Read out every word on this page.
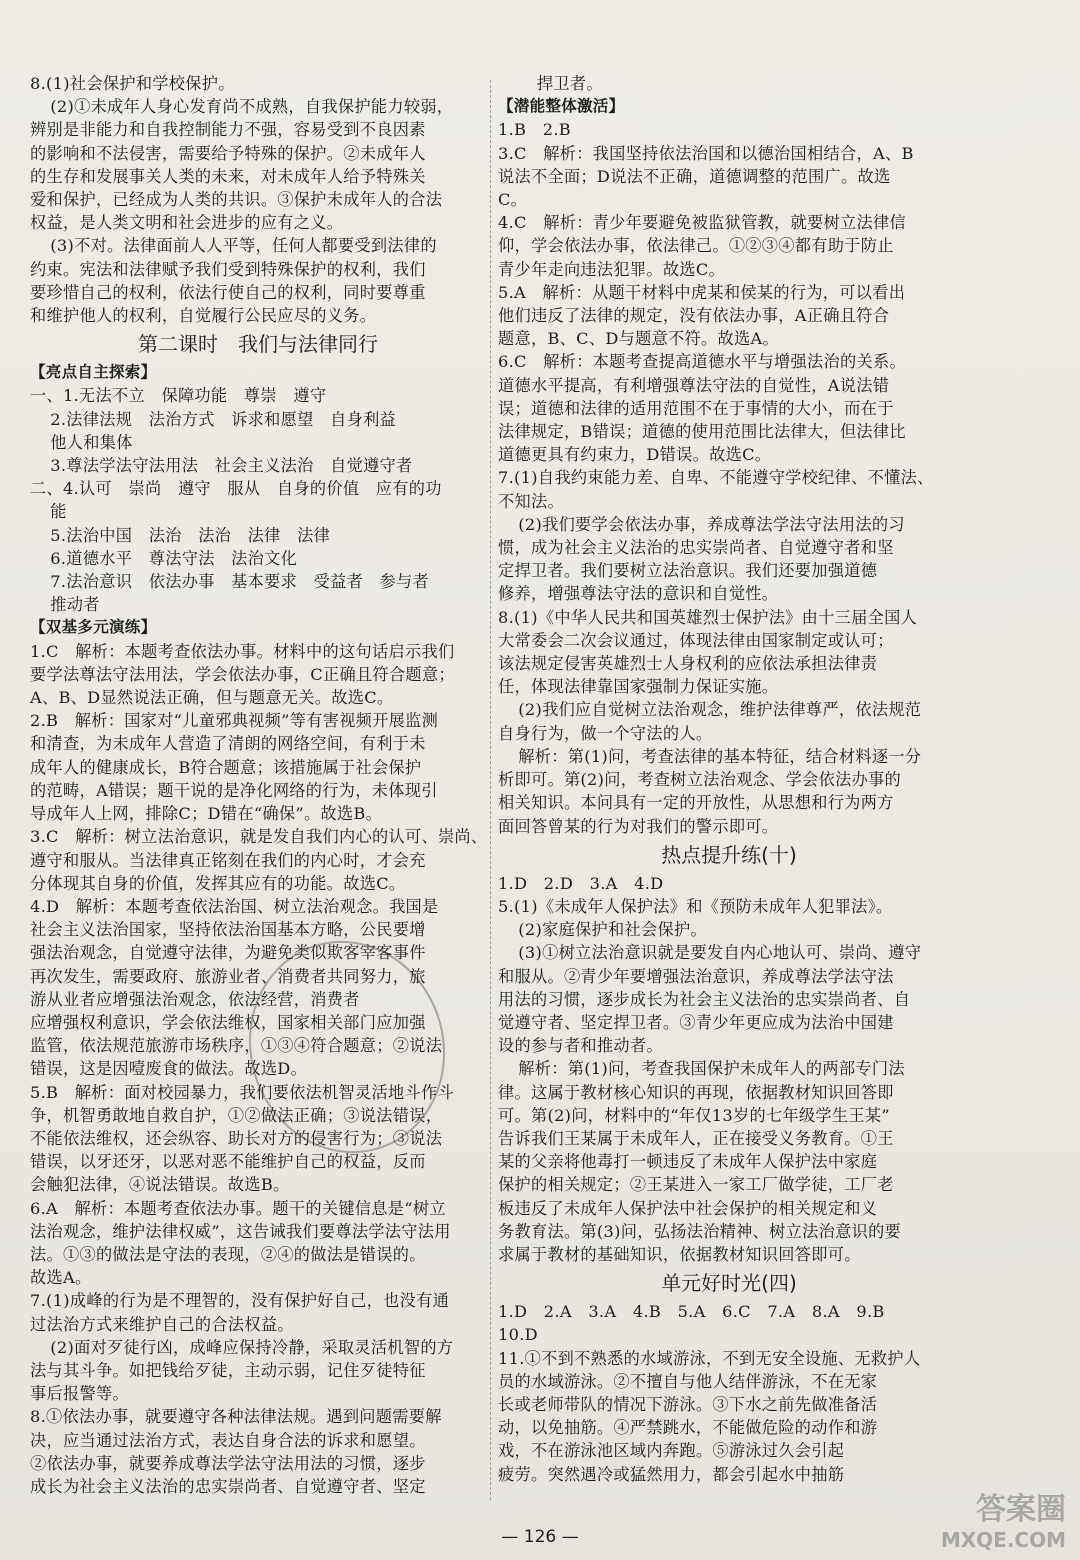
8.(1)社会保护和学校保护。
(2)①未成年人身心发育尚不成熟，自我保护能力较弱，
辨别是非能力和自我控制能力不强，容易受到不良因素
的影响和不法侵害，需要给予特殊的保护。②未成年人
的生存和发展事关人类的未来，对未成年人给予特殊关
爱和保护，已经成为人类的共识。③保护未成年人的合法
权益，是人类文明和社会进步的应有之义。
(3)不对。法律面前人人平等，任何人都要受到法律的
约束。宪法和法律赋予我们受到特殊保护的权利，我们
要珍惜自己的权利，依法行使自己的权利，同时要尊重
和维护他人的权利，自觉履行公民应尽的义务。
第二课时　我们与法律同行
【亮点自主探索】
一、1.无法不立　保障功能　尊崇　遵守
2.法律法规　法治方式　诉求和愿望　自身利益
他人和集体
3.尊法学法守法用法　社会主义法治　自觉遵守者
二、4.认可　崇尚　遵守　服从　自身的价值　应有的功
能
5.法治中国　法治　法治　法律　法律
6.道德水平　尊法守法　法治文化
7.法治意识　依法办事　基本要求　受益者　参与者
推动者
【双基多元演练】
1.C　解析：本题考查依法办事。材料中的这句话启示我们
要学法尊法守法用法，学会依法办事，C正确且符合题意；
A、B、D显然说法正确，但与题意无关。故选C。
2.B　解析：国家对“儿童邪典视频”等有害视频开展监测
和清查，为未成年人营造了清朗的网络空间，有利于未
成年人的健康成长，B符合题意；该措施属于社会保护
的范畴，A错误；题干说的是净化网络的行为，未体现引
导成年人上网，排除C；D错在“确保”。故选B。
3.C　解析：树立法治意识，就是发自我们内心的认可、崇尚、
遵守和服从。当法律真正铭刻在我们的内心时，才会充
分体现其自身的价值，发挥其应有的功能。故选C。
4.D　解析：本题考查依法治国、树立法治观念。我国是
社会主义法治国家，坚持依法治国基本方略，公民要增
强法治观念，自觉遵守法律，为避免类似欺客宰客事件
再次发生，需要政府、旅游业者、消费者共同努力，旅
游从业者应增强法治观念，依法经营，消费者
应增强权利意识，学会依法维权，国家相关部门应加强
监管，依法规范旅游市场秩序，①③④符合题意；②说法
错误，这是因噎废食的做法。故选D。
5.B　解析：面对校园暴力，我们要依法机智灵活地斗作斗
争，机智勇敢地自救自护，①②做法正确；③说法错误，
不能依法维权，还会纵容、助长对方的侵害行为；③说法
错误，以牙还牙，以恶对恶不能维护自己的权益，反而
会触犯法律，④说法错误。故选B。
6.A　解析：本题考查依法办事。题干的关键信息是“树立
法治观念，维护法律权威”，这告诫我们要尊法学法守法用
法。①③的做法是守法的表现，②④的做法是错误的。
故选A。
7.(1)成峰的行为是不理智的，没有保护好自己，也没有通
过法治方式来维护自己的合法权益。
(2)面对歹徒行凶，成峰应保持冷静，采取灵活机智的方
法与其斗争。如把钱给歹徒，主动示弱，记住歹徒特征
事后报警等。
8.①依法办事，就要遵守各种法律法规。遇到问题需要解
决，应当通过法治方式，表达自身合法的诉求和愿望。
②依法办事，就要养成尊法学法守法用法的习惯，逐步
成长为社会主义法治的忠实崇尚者、自觉遵守者、坚定
捍卫者。
【潜能整体激活】
1.B　2.B
3.C　解析：我国坚持依法治国和以德治国相结合，A、B
说法不全面；D说法不正确，道德调整的范围广。故选
C。
4.C　解析：青少年要避免被监狱管教，就要树立法律信
仰，学会依法办事，依法律己。①②③④都有助于防止
青少年走向违法犯罪。故选C。
5.A　解析：从题干材料中虎某和侯某的行为，可以看出
他们违反了法律的规定，没有依法办事，A正确且符合
题意，B、C、D与题意不符。故选A。
6.C　解析：本题考查提高道德水平与增强法治的关系。
道德水平提高，有利增强尊法守法的自觉性，A说法错
误；道德和法律的适用范围不在于事情的大小，而在于
法律规定，B错误；道德的使用范围比法律大，但法律比
道德更具有约束力，D错误。故选C。
7.(1)自我约束能力差、自卑、不能遵守学校纪律、不懂法、
不知法。
(2)我们要学会依法办事，养成尊法学法守法用法的习
惯，成为社会主义法治的忠实崇尚者、自觉遵守者和坚
定捍卫者。我们要树立法治意识。我们还要加强道德
修养，增强尊法守法的意识和自觉性。
8.(1)《中华人民共和国英雄烈士保护法》由十三届全国人
大常委会二次会议通过，体现法律由国家制定或认可；
该法规定侵害英雄烈士人身权利的应依法承担法律责
任，体现法律靠国家强制力保证实施。
(2)我们应自觉树立法治观念，维护法律尊严，依法规范
自身行为，做一个守法的人。
解析：第(1)问，考查法律的基本特征，结合材料逐一分
析即可。第(2)问，考查树立法治观念、学会依法办事的
相关知识。本问具有一定的开放性，从思想和行为两方
面回答曾某的行为对我们的警示即可。
热点提升练(十)
1.D　2.D　3.A　4.D
5.(1)《未成年人保护法》和《预防未成年人犯罪法》。
(2)家庭保护和社会保护。
(3)①树立法治意识就是要发自内心地认可、崇尚、遵守
和服从。②青少年要增强法治意识，养成尊法学法守法
用法的习惯，逐步成长为社会主义法治的忠实崇尚者、自
觉遵守者、坚定捍卫者。③青少年更应成为法治中国建
设的参与者和推动者。
解析：第(1)问，考查我国保护未成年人的两部专门法
律。这属于教材核心知识的再现，依据教材知识回答即
可。第(2)问，材料中的“年仅13岁的七年级学生王某”
告诉我们王某属于未成年人，正在接受义务教育。①王
某的父亲将他毒打一顿违反了未成年人保护法中家庭
保护的相关规定；②王某进入一家工厂做学徒，工厂老
板违反了未成年人保护法中社会保护的相关规定和义
务教育法。第(3)问，弘扬法治精神、树立法治意识的要
求属于教材的基础知识，依据教材知识回答即可。
单元好时光(四)
1.D　2.A　3.A　4.B　5.A　6.C　7.A　8.A　9.B
10.D
11.①不到不熟悉的水域游泳，不到无安全设施、无救护人
员的水域游泳。②不擅自与他人结伴游泳，不在无家
长或老师带队的情况下游泳。③下水之前先做准备活
动，以免抽筋。④严禁跳水，不能做危险的动作和游
戏，不在游泳池区域内奔跑。⑤游泳过久会引起
疲劳。突然遇冷或猛然用力，都会引起水中抽筋
— 126 —
答案圈
MXQE.COM
